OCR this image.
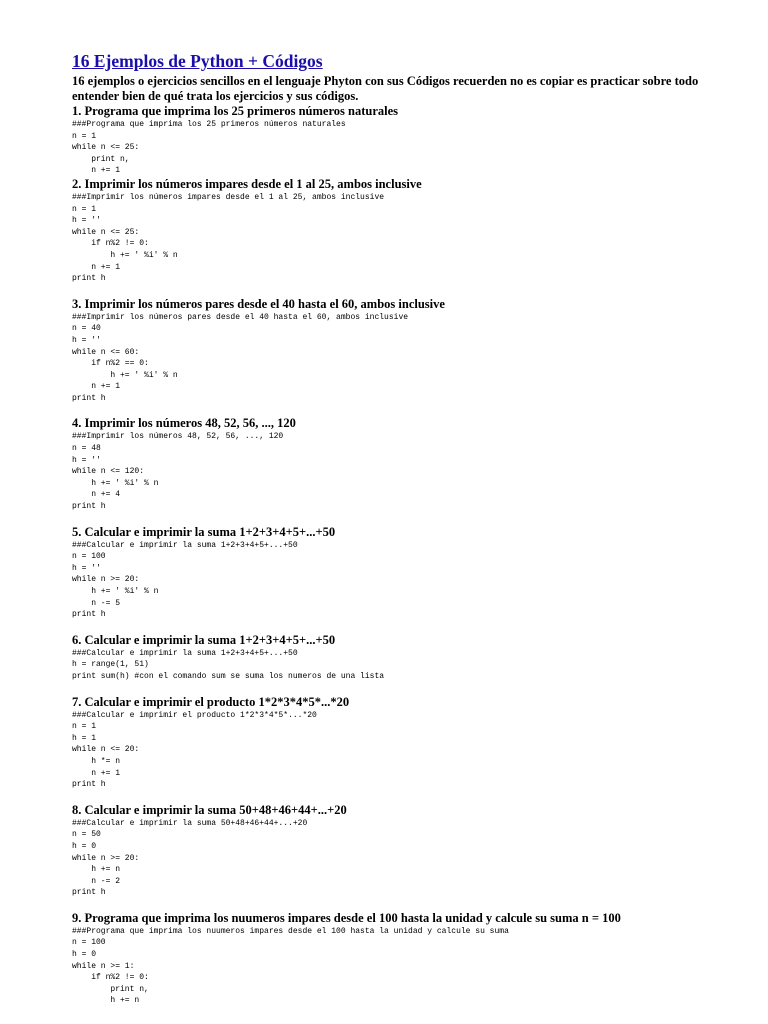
16 Ejemplos de Python + Códigos

16 ejemplos o ejercicios sencillos en el lenguaje Phyton con sus Códigos recuerden no es copiar es practicar sobre todo entender bien de qué trata los ejercicios y sus códigos.

1. Programa que imprima los 25 primeros números naturales

###Programa que imprima los 25 primeros números naturales
n = 1
while n <= 25:
print n,
n += 1

2. Imprimir los números impares desde el 1 al 25, ambos inclusive

###Imprimir los números impares desde el 1 al 25, ambos inclusive
n = 1
h = ''
while n <= 25:
if n%2 != 0:
h += ' %i' % n
n += 1
print h

3. Imprimir los números pares desde el 40 hasta el 60, ambos inclusive

###Imprimir los números pares desde el 40 hasta el 60, ambos inclusive
n = 40
h = ''
while n <= 60:
if n%2 == 0:
h += ' %i' % n
n += 1
print h

4. Imprimir los números 48, 52, 56, ..., 120

###Imprimir los números 48, 52, 56, ..., 120
n = 48
h = ''
while n <= 120:
h += ' %i' % n
n += 4
print h

5. Calcular e imprimir la suma 1+2+3+4+5+...+50

###Calcular e imprimir la suma 1+2+3+4+5+...+50
n = 100
h = ''
while n >= 20:
h += ' %i' % n
n -= 5
print h

6. Calcular e imprimir la suma 1+2+3+4+5+...+50

###Calcular e imprimir la suma 1+2+3+4+5+...+50
h = range(1, 51)
print sum(h) #con el comando sum se suma los numeros de una lista

7. Calcular e imprimir el producto 1*2*3*4*5*...*20

###Calcular e imprimir el producto 1*2*3*4*5*...*20
n = 1
h = 1
while n <= 20:
h *= n
n += 1
print h

8. Calcular e imprimir la suma 50+48+46+44+...+20

###Calcular e imprimir la suma 50+48+46+44+...+20
n = 50
h = 0
while n >= 20:
h += n
n -= 2
print h

9. Programa que imprima los nuumeros impares desde el 100 hasta la unidad y calcule su suma n = 100

###Programa que imprima los nuumeros impares desde el 100 hasta la unidad y calcule su suma
n = 100
h = 0
while n >= 1:
if n%2 != 0:
print n,
h += n
